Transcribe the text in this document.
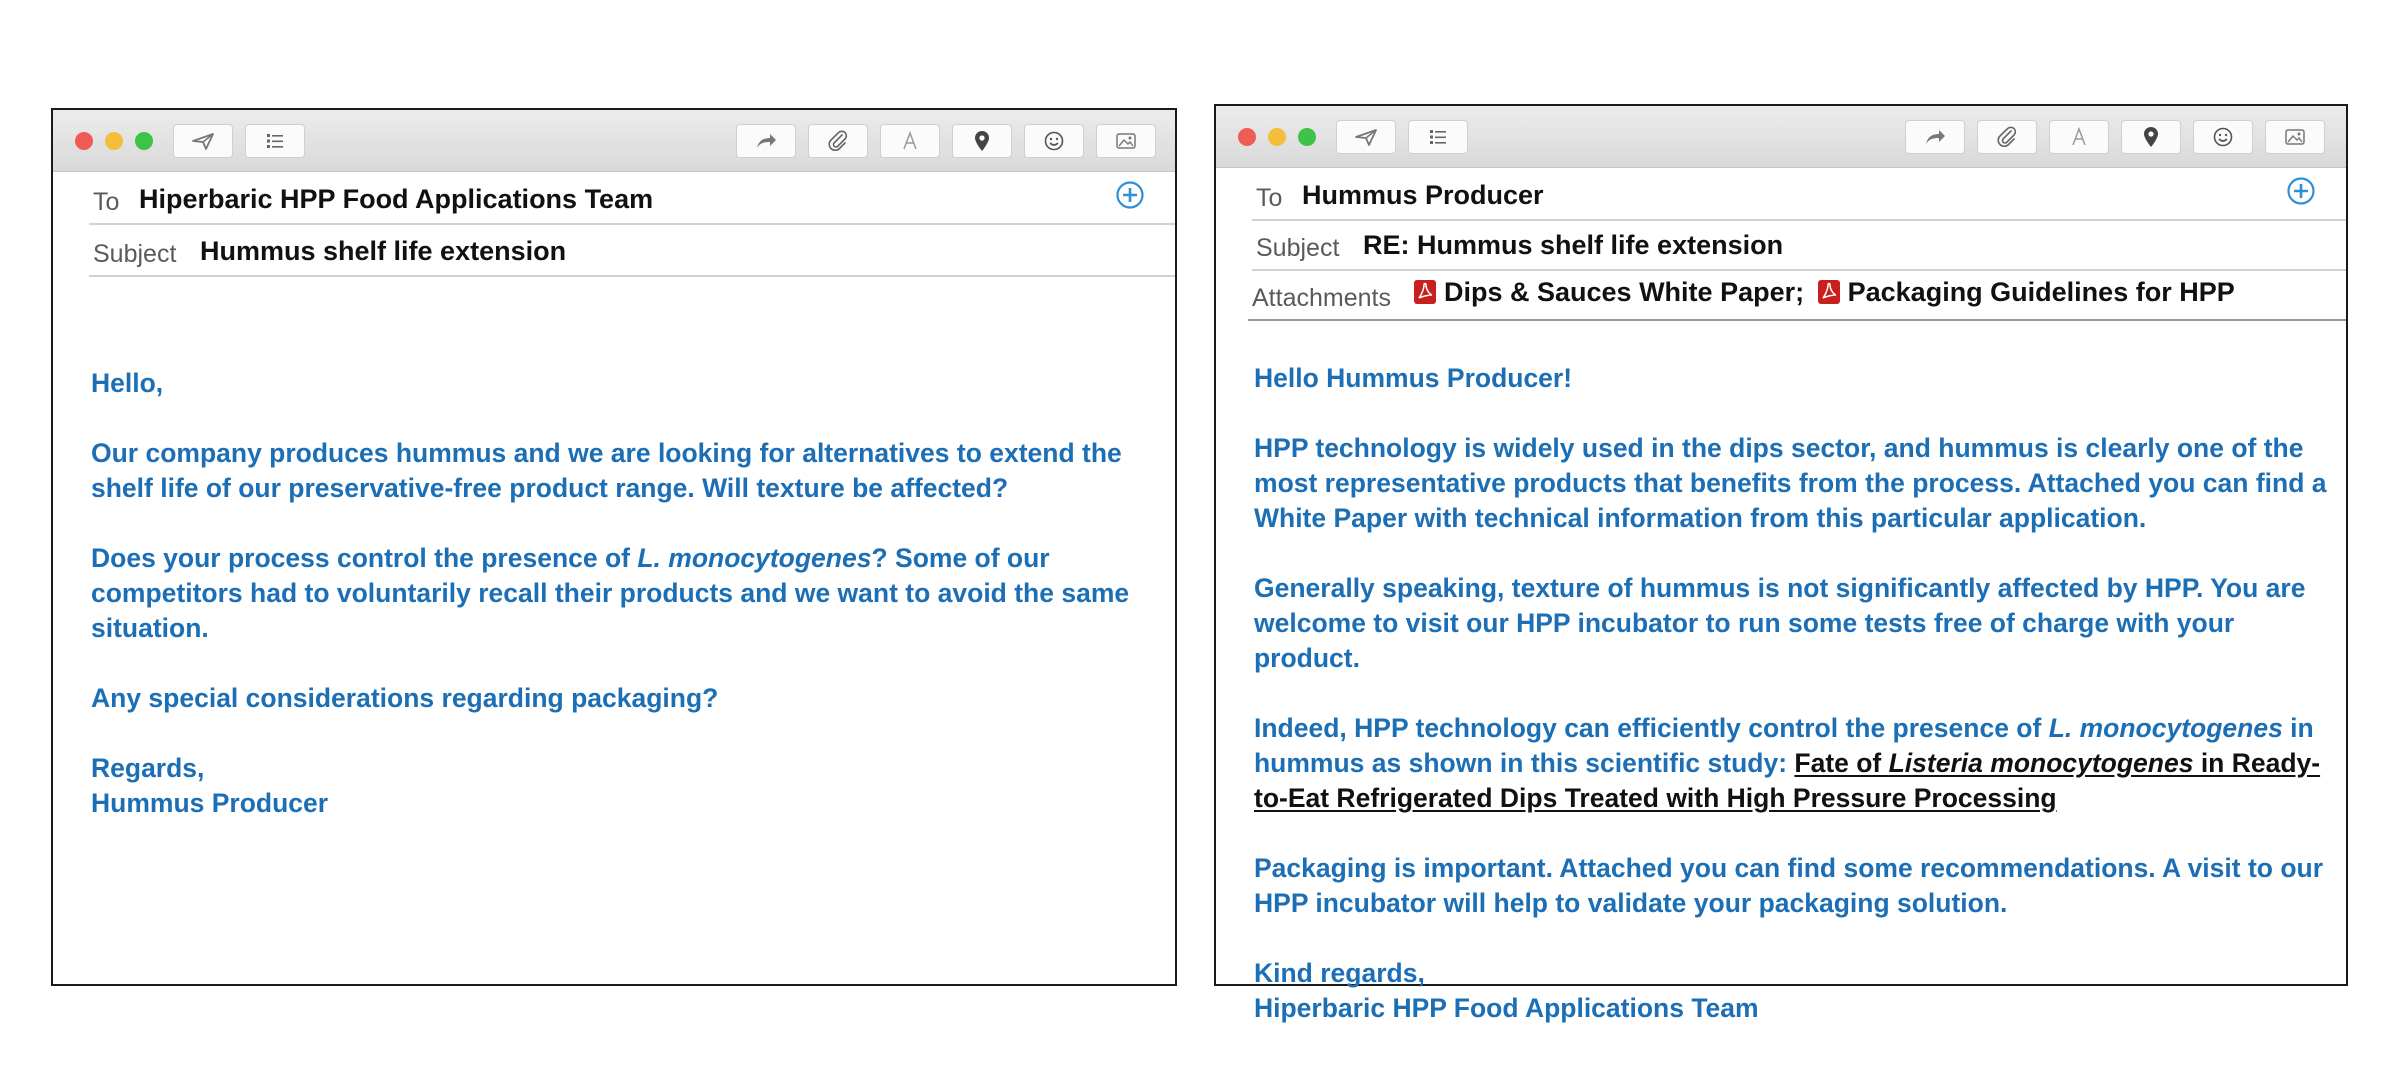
To Hiperbaric HPP Food Applications Team
Subject Hummus shelf life extension

Hello,

Our company produces hummus and we are looking for alternatives to extend the shelf life of our preservative-free product range. Will texture be affected?

Does your process control the presence of L. monocytogenes? Some of our competitors had to voluntarily recall their products and we want to avoid the same situation.

Any special considerations regarding packaging?

Regards,
Hummus Producer

To Hummus Producer
Subject RE: Hummus shelf life extension
Attachments Dips & Sauces White Paper;
Packaging Guidelines for HPP

Hello Hummus Producer!

HPP technology is widely used in the dips sector, and hummus is clearly one of the most representative products that benefits from the process. Attached you can find a White Paper with technical information from this particular application.

Generally speaking, texture of hummus is not significantly affected by HPP. You are welcome to visit our HPP incubator to run some tests free of charge with your product.

Indeed, HPP technology can efficiently control the presence of L. monocytogenes in hummus as shown in this scientific study: Fate of Listeria monocytogenes in Ready-to-Eat Refrigerated Dips Treated with High Pressure Processing

Packaging is important. Attached you can find some recommendations. A visit to our HPP incubator will help to validate your packaging solution.

Kind regards,
Hiperbaric HPP Food Applications Team
